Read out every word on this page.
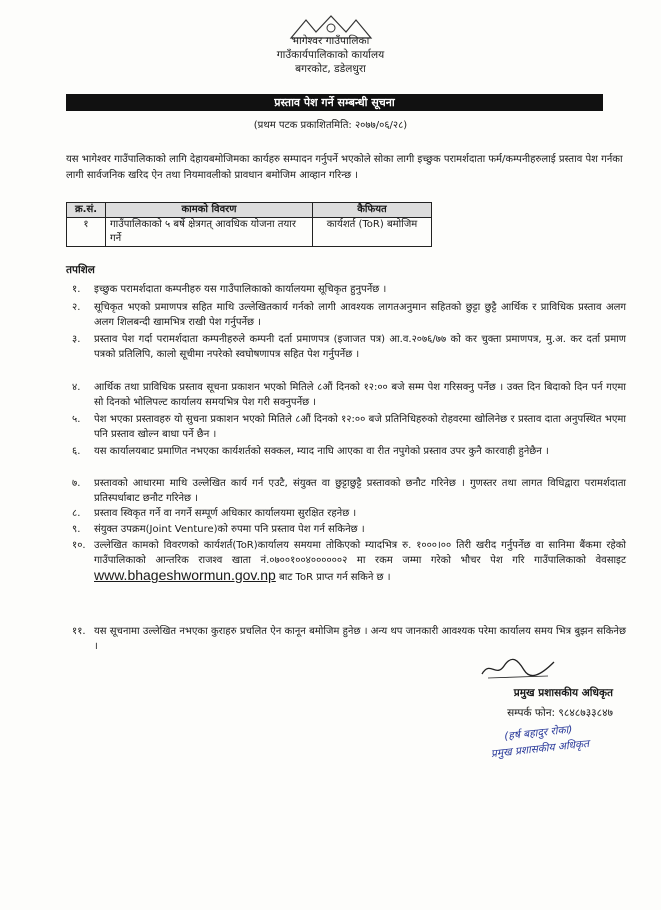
भागेश्वर गाउँपालिका
गाउँकार्यपालिकाको कार्यालय
बगरकोट, डडेलधुरा
प्रस्ताव पेश गर्ने सम्बन्धी सूचना
(प्रथम पटक प्रकाशितमिति: २०७७/०६/२८)
यस भागेश्वर गाउँपालिकाको लागि देहायबमोजिमका कार्यहरु सम्पादन गर्नुपर्ने भएकोले सोका लागी इच्छुक परामर्शदाता फर्म/कम्पनीहरुलाई प्रस्ताव पेश गर्नका लागी सार्वजनिक खरिद ऐन तथा नियमावलीको प्रावधान बमोजिम आव्हान गरिन्छ ।
क्र.सं.	कामको विवरण	कैफियत
१	गाउँपालिकाको ५ बर्षे क्षेत्रगत् आवधिक योजना तयार गर्ने	कार्यशर्त (ToR) बमोजिम
तपशिल
१. इच्छुक परामर्शदाता कम्पनीहरु यस गाउँपालिकाको कार्यालयमा सूचिकृत हुनुपर्नेछ ।
२. सूचिकृत भएको प्रमाणपत्र सहित माथि उल्लेखितकार्य गर्नको लागी आवश्यक लागतअनुमान सहितको छुट्टा छुट्टै आर्थिक र प्राविधिक प्रस्ताव अलग अलग शिलबन्दी खामभित्र राखी पेश गर्नुपर्नेछ ।
३. प्रस्ताव पेश गर्दा परामर्शदाता कम्पनीहरुले कम्पनी दर्ता प्रमाणपत्र (इजाजत पत्र) आ.व.२०७६/७७ को कर चुक्ता प्रमाणपत्र, मु.अ. कर दर्ता प्रमाण पत्रको प्रतिलिपि, कालो सूचीमा नपरेको स्वघोषणापत्र सहित पेश गर्नुपर्नेछ ।
४. आर्थिक तथा प्राविधिक प्रस्ताव सूचना प्रकाशन भएको मितिले ८औं दिनको १२:०० बजे सम्म पेश गरिसक्नु पर्नेछ । उक्त दिन बिदाको दिन पर्न गएमा सो दिनको भोलिपल्ट कार्यालय समयभित्र पेश गरी सक्नुपर्नेछ ।
५. पेश भएका प्रस्तावहरु यो सुचना प्रकाशन भएको मितिले ८औं दिनको १२:०० बजे प्रतिनिधिहरुको रोहवरमा खोलिनेछ र प्रस्ताव दाता अनुपस्थित भएमा पनि प्रस्ताव खोल्न बाधा पर्ने छैन ।
६. यस कार्यालयबाट प्रमाणित नभएका कार्यशर्तको सक्कल, म्याद नाघि आएका वा रीत नपुगेको प्रस्ताव उपर कुनै कारवाही हुनेछैन ।
७. प्रस्तावको आधारमा माथि उल्लेखित कार्य गर्न एउटै, संयुक्त वा छुट्टाछुट्टै प्रस्तावको छनौट गरिनेछ । गुणस्तर तथा लागत विधिद्वारा परामर्शदाता प्रतिस्पर्धाबाट छनौट गरिनेछ ।
८. प्रस्ताव स्विकृत गर्ने वा नगर्ने सम्पूर्ण अधिकार कार्यालयमा सुरक्षित रहनेछ ।
९. संयुक्त उपक्रम(Joint Venture)को रुपमा पनि प्रस्ताव पेश गर्न सकिनेछ ।
१०. उल्लेखित कामको विवरणको कार्यशर्त(ToR)कार्यालय समयमा तोकिएको म्यादभित्र रु. १०००।०० तिरी खरीद गर्नुपर्नेछ वा सानिमा बैंकमा रहेको गाउँपालिकाको आन्तरिक राजश्व खाता नं.०७००१००४००००००२ मा रकम जम्मा गरेको भौचर पेश गरि गाउँपालिकाको वेवसाइट www.bhageshwormun.gov.np बाट ToR प्राप्त गर्न सकिने छ ।
११. यस सूचनामा उल्लेखित नभएका कुराहरु प्रचलित ऐन कानून बमोजिम हुनेछ । अन्य थप जानकारी आवश्यक परेमा कार्यालय समय भित्र बुझन सकिनेछ ।
प्रमुख प्रशासकीय अधिकृत
सम्पर्क फोन: ९८४८७३३८४७
(हर्ष बहादुर रोका)
प्रमुख प्रशासकीय अधिकृत
